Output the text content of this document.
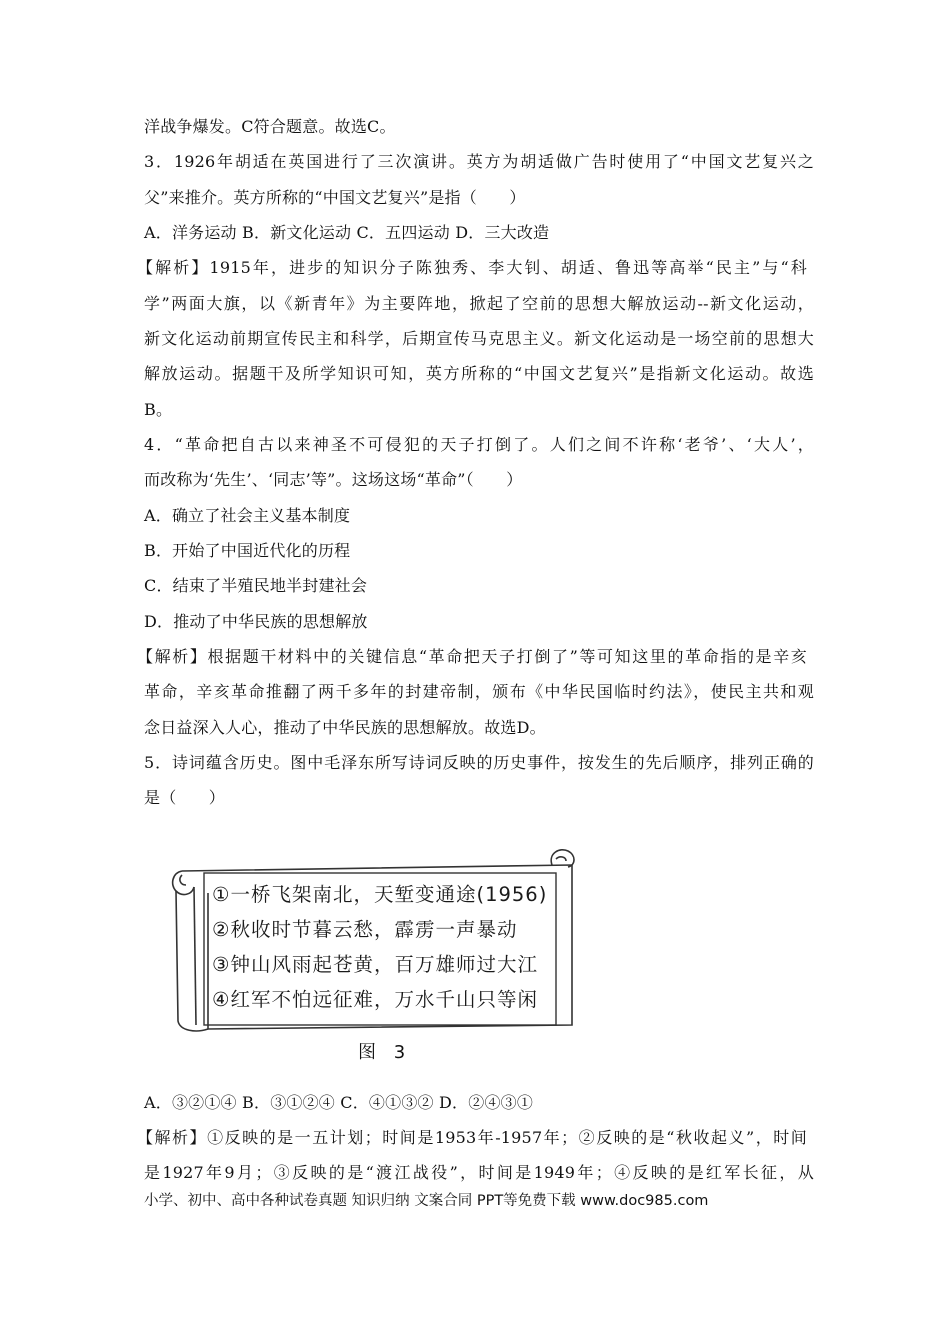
洋战争爆发。C符合题意。故选C。
3．1926年胡适在英国进行了三次演讲。英方为胡适做广告时使用了“中国文艺复兴之
父”来推介。英方所称的“中国文艺复兴”是指（　　）
A．洋务运动 B．新文化运动 C．五四运动 D．三大改造
【解析】1915年，进步的知识分子陈独秀、李大钊、胡适、鲁迅等高举“民主”与“科
学”两面大旗，以《新青年》为主要阵地，掀起了空前的思想大解放运动--新文化运动，
新文化运动前期宣传民主和科学，后期宣传马克思主义。新文化运动是一场空前的思想大
解放运动。据题干及所学知识可知，英方所称的“中国文艺复兴”是指新文化运动。故选
B。
4．“革命把自古以来神圣不可侵犯的天子打倒了。人们之间不许称‘老爷’、‘大人’，
而改称为‘先生’、‘同志’等”。这场这场“革命”（　　）
A．确立了社会主义基本制度
B．开始了中国近代化的历程
C．结束了半殖民地半封建社会
D．推动了中华民族的思想解放
【解析】根据题干材料中的关键信息“革命把天子打倒了”等可知这里的革命指的是辛亥
革命，辛亥革命推翻了两千多年的封建帝制，颁布《中华民国临时约法》，使民主共和观
念日益深入人心，推动了中华民族的思想解放。故选D。
5．诗词蕴含历史。图中毛泽东所写诗词反映的历史事件，按发生的先后顺序，排列正确的
是（　　）
①一桥飞架南北，天堑变通途(1956)
②秋收时节暮云愁，霹雳一声暴动
③钟山风雨起苍黄，百万雄师过大江
④红军不怕远征难，万水千山只等闲
图 3
A．③②①④ B．③①②④ C．④①③② D．②④③①
【解析】①反映的是一五计划；时间是1953年-1957年；②反映的是“秋收起义”，时间
是1927年9月；③反映的是“渡江战役”，时间是1949年；④反映的是红军长征，从
小学、初中、高中各种试卷真题 知识归纳 文案合同 PPT等免费下载 www.doc985.com
